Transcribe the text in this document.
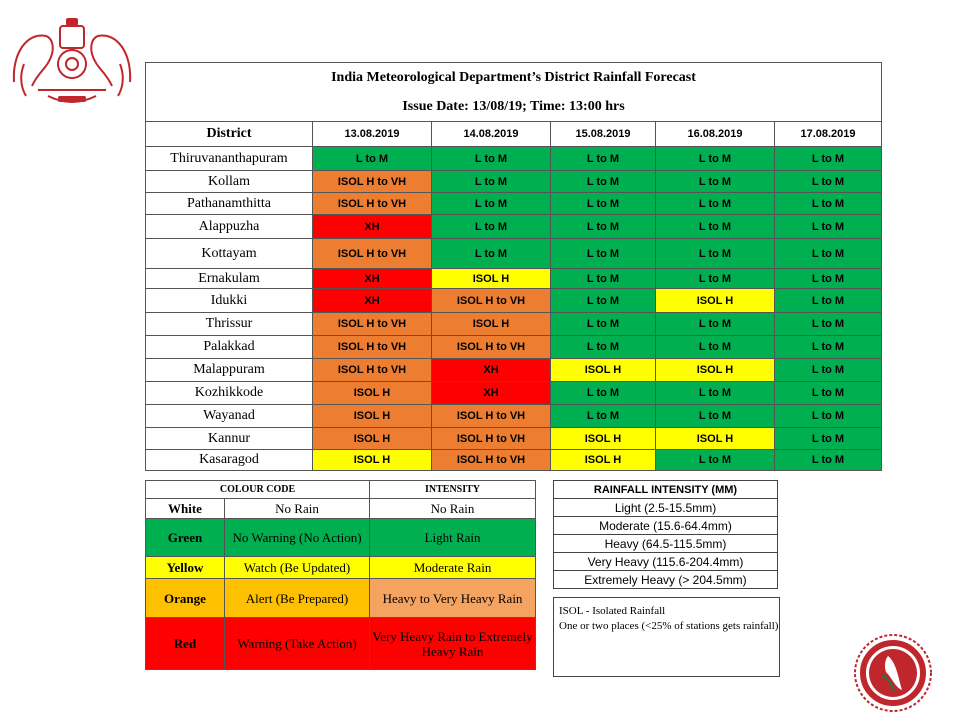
India Meteorological Department’s District Rainfall Forecast					
Issue Date: 13/08/19; Time: 13:00 hrs					
District	13.08.2019	14.08.2019	15.08.2019	16.08.2019	17.08.2019
Thiruvananthapuram	L to M	L to M	L to M	L to M	L to M
Kollam	ISOL H to VH	L to M	L to M	L to M	L to M
Pathanamthitta	ISOL H to VH	L to M	L to M	L to M	L to M
Alappuzha	XH	L to M	L to M	L to M	L to M
Kottayam	ISOL H to VH	L to M	L to M	L to M	L to M
Ernakulam	XH	ISOL H	L to M	L to M	L to M
Idukki	XH	ISOL H to VH	L to M	ISOL H	L to M
Thrissur	ISOL H to VH	ISOL H	L to M	L to M	L to M
Palakkad	ISOL H to VH	ISOL H to VH	L to M	L to M	L to M
Malappuram	ISOL H to VH	XH	ISOL H	ISOL H	L to M
Kozhikkode	ISOL H	XH	L to M	L to M	L to M
Wayanad	ISOL H	ISOL H to VH	L to M	L to M	L to M
Kannur	ISOL H	ISOL H to VH	ISOL H	ISOL H	L to M
Kasaragod	ISOL H	ISOL H to VH	ISOL H	L to M	L to M
COLOUR CODE		INTENSITY
White	No Rain	No Rain
Green	No Warning (No Action)	Light Rain
Yellow	Watch (Be Updated)	Moderate Rain
Orange	Alert (Be Prepared)	Heavy to Very Heavy Rain
Red	Warning (Take Action)	Very Heavy Rain to Extremely Heavy Rain
RAINFALL INTENSITY (MM)
Light (2.5-15.5mm)
Moderate (15.6-64.4mm)
Heavy (64.5-115.5mm)
Very Heavy (115.6-204.4mm)
Extremely Heavy (> 204.5mm)
ISOL - Isolated Rainfall
One or two places (<25% of stations gets rainfall)
